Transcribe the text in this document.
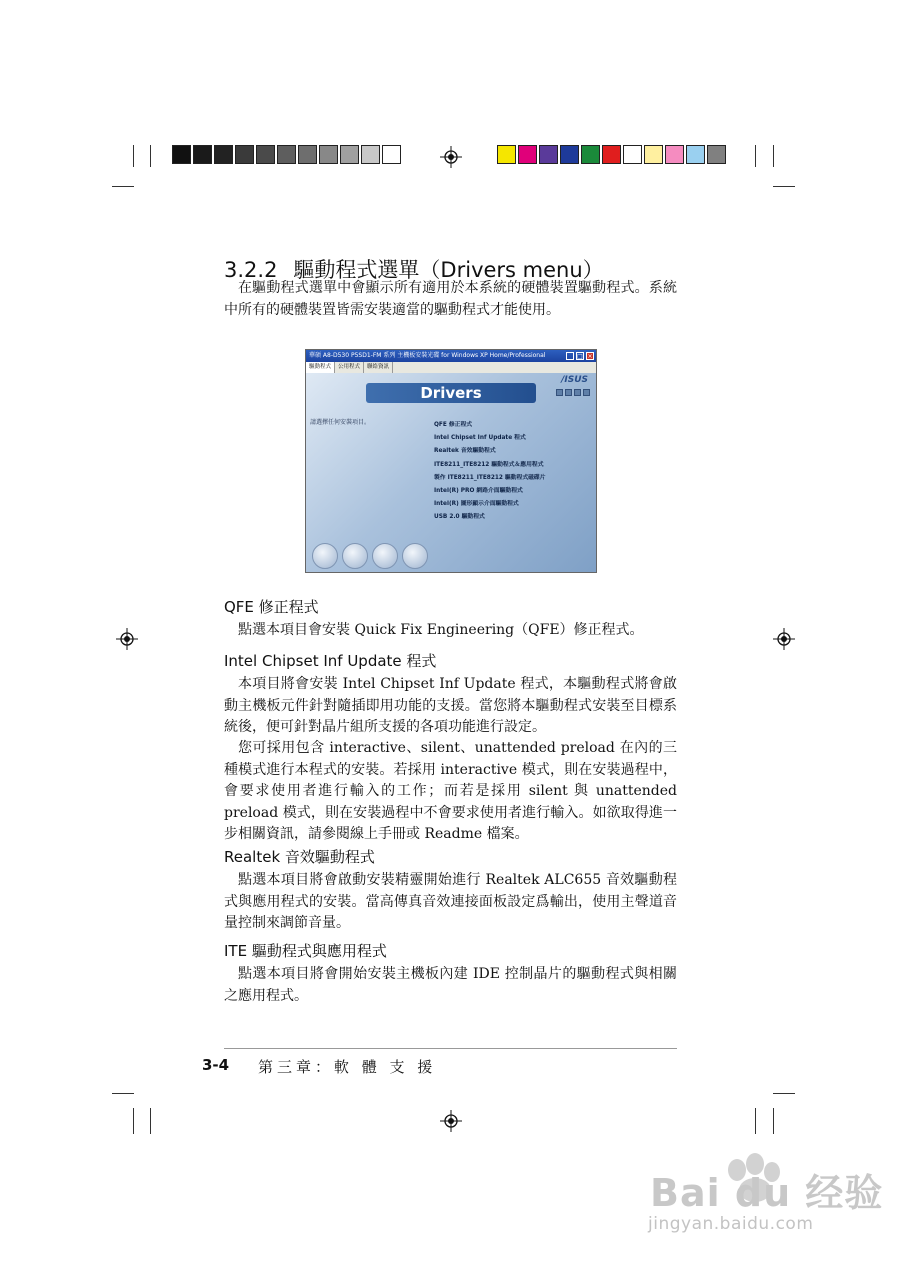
3.2.2 驅動程式選單（Drivers menu）

在驅動程式選單中會顯示所有適用於本系統的硬體裝置驅動程式。系統中所有的硬體裝置皆需安裝適當的驅動程式才能使用。

華碩 A8-D530 P5SD1-FM 系列 主機板安裝光碟 for Windows XP Home/Professional	_ □ ×
驅動程式	公用程式	聯絡資訊
/ISUS
Drivers
請選擇任何安裝項目。	QFE 修正程式
Intel Chipset Inf Update 程式
Realtek 音效驅動程式
ITE8211_ITE8212 驅動程式＆應用程式
製作 ITE8211_ITE8212 驅動程式磁碟片
Intel(R) PRO 網路介面驅動程式
Intel(R) 圖形顯示介面驅動程式
USB 2.0 驅動程式
QFE 修正程式

點選本項目會安裝 Quick Fix Engineering（QFE）修正程式。

Intel Chipset Inf Update 程式

本項目將會安裝 Intel Chipset Inf Update 程式，本驅動程式將會啟動主機板元件針對隨插即用功能的支援。當您將本驅動程式安裝至目標系統後，便可針對晶片組所支援的各項功能進行設定。

您可採用包含 interactive、silent、unattended preload 在內的三種模式進行本程式的安裝。若採用 interactive 模式，則在安裝過程中，會要求使用者進行輸入的工作；而若是採用 silent 與 unattended preload 模式，則在安裝過程中不會要求使用者進行輸入。如欲取得進一步相關資訊，請參閱線上手冊或 Readme 檔案。

Realtek 音效驅動程式

點選本項目將會啟動安裝精靈開始進行 Realtek ALC655 音效驅動程式與應用程式的安裝。當高傳真音效連接面板設定爲輸出，使用主聲道音量控制來調節音量。

ITE 驅動程式與應用程式

點選本項目將會開始安裝主機板內建 IDE 控制晶片的驅動程式與相關之應用程式。

3-4 第三章：軟 體 支 援
Bai du 经验
jingyan.baidu.com
